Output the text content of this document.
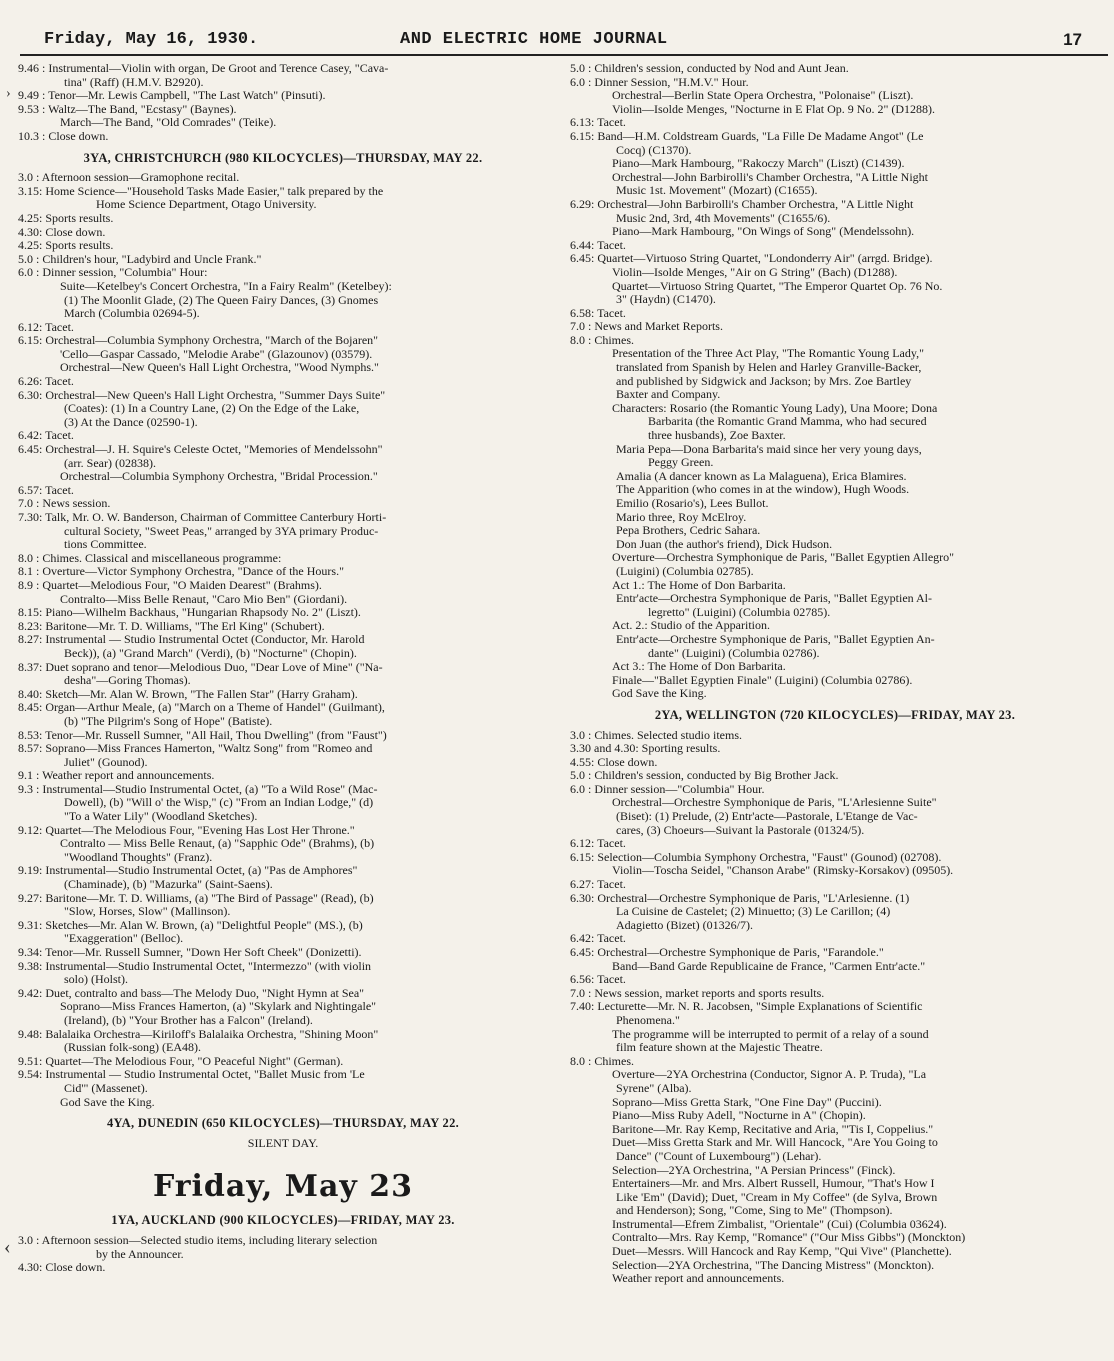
Friday, May 16, 1930.	AND ELECTRIC HOME JOURNAL	17
›
‹
9.46 : Instrumental—Violin with organ, De Groot and Terence Casey, "Cava-
tina" (Raff) (H.M.V. B2920).
9.49 : Tenor—Mr. Lewis Campbell, "The Last Watch" (Pinsuti).
9.53 : Waltz—The Band, "Ecstasy" (Baynes).
March—The Band, "Old Comrades" (Teike).
10.3 : Close down.
3YA, CHRISTCHURCH (980 KILOCYCLES)—THURSDAY, MAY 22.
3.0 : Afternoon session—Gramophone recital.
3.15: Home Science—"Household Tasks Made Easier," talk prepared by the
Home Science Department, Otago University.
4.25: Sports results.
4.30: Close down.
4.25: Sports results.
5.0 : Children's hour, "Ladybird and Uncle Frank."
6.0 : Dinner session, "Columbia" Hour:
Suite—Ketelbey's Concert Orchestra, "In a Fairy Realm" (Ketelbey):
(1) The Moonlit Glade, (2) The Queen Fairy Dances, (3) Gnomes
March (Columbia 02694-5).
6.12: Tacet.
6.15: Orchestral—Columbia Symphony Orchestra, "March of the Bojaren"
'Cello—Gaspar Cassado, "Melodie Arabe" (Glazounov) (03579).
Orchestral—New Queen's Hall Light Orchestra, "Wood Nymphs."
6.26: Tacet.
6.30: Orchestral—New Queen's Hall Light Orchestra, "Summer Days Suite"
(Coates): (1) In a Country Lane, (2) On the Edge of the Lake,
(3) At the Dance (02590-1).
6.42: Tacet.
6.45: Orchestral—J. H. Squire's Celeste Octet, "Memories of Mendelssohn"
(arr. Sear) (02838).
Orchestral—Columbia Symphony Orchestra, "Bridal Procession."
6.57: Tacet.
7.0 : News session.
7.30: Talk, Mr. O. W. Banderson, Chairman of Committee Canterbury Horti-
cultural Society, "Sweet Peas," arranged by 3YA primary Produc-
tions Committee.
8.0 : Chimes. Classical and miscellaneous programme:
8.1 : Overture—Victor Symphony Orchestra, "Dance of the Hours."
8.9 : Quartet—Melodious Four, "O Maiden Dearest" (Brahms).
Contralto—Miss Belle Renaut, "Caro Mio Ben" (Giordani).
8.15: Piano—Wilhelm Backhaus, "Hungarian Rhapsody No. 2" (Liszt).
8.23: Baritone—Mr. T. D. Williams, "The Erl King" (Schubert).
8.27: Instrumental — Studio Instrumental Octet (Conductor, Mr. Harold
Beck)), (a) "Grand March" (Verdi), (b) "Nocturne" (Chopin).
8.37: Duet soprano and tenor—Melodious Duo, "Dear Love of Mine" ("Na-
desha"—Goring Thomas).
8.40: Sketch—Mr. Alan W. Brown, "The Fallen Star" (Harry Graham).
8.45: Organ—Arthur Meale, (a) "March on a Theme of Handel" (Guilmant),
(b) "The Pilgrim's Song of Hope" (Batiste).
8.53: Tenor—Mr. Russell Sumner, "All Hail, Thou Dwelling" (from "Faust")
8.57: Soprano—Miss Frances Hamerton, "Waltz Song" from "Romeo and
Juliet" (Gounod).
9.1 : Weather report and announcements.
9.3 : Instrumental—Studio Instrumental Octet, (a) "To a Wild Rose" (Mac-
Dowell), (b) "Will o' the Wisp," (c) "From an Indian Lodge," (d)
"To a Water Lily" (Woodland Sketches).
9.12: Quartet—The Melodious Four, "Evening Has Lost Her Throne."
Contralto — Miss Belle Renaut, (a) "Sapphic Ode" (Brahms), (b)
"Woodland Thoughts" (Franz).
9.19: Instrumental—Studio Instrumental Octet, (a) "Pas de Amphores"
(Chaminade), (b) "Mazurka" (Saint-Saens).
9.27: Baritone—Mr. T. D. Williams, (a) "The Bird of Passage" (Read), (b)
"Slow, Horses, Slow" (Mallinson).
9.31: Sketches—Mr. Alan W. Brown, (a) "Delightful People" (MS.), (b)
"Exaggeration" (Belloc).
9.34: Tenor—Mr. Russell Sumner, "Down Her Soft Cheek" (Donizetti).
9.38: Instrumental—Studio Instrumental Octet, "Intermezzo" (with violin
solo) (Holst).
9.42: Duet, contralto and bass—The Melody Duo, "Night Hymn at Sea"
Soprano—Miss Frances Hamerton, (a) "Skylark and Nightingale"
(Ireland), (b) "Your Brother has a Falcon" (Ireland).
9.48: Balalaika Orchestra—Kiriloff's Balalaika Orchestra, "Shining Moon"
(Russian folk-song) (EA48).
9.51: Quartet—The Melodious Four, "O Peaceful Night" (German).
9.54: Instrumental — Studio Instrumental Octet, "Ballet Music from 'Le
Cid'" (Massenet).
God Save the King.
4YA, DUNEDIN (650 KILOCYCLES)—THURSDAY, MAY 22.
SILENT DAY.
Friday, May 23
1YA, AUCKLAND (900 KILOCYCLES)—FRIDAY, MAY 23.
3.0 : Afternoon session—Selected studio items, including literary selection
by the Announcer.
4.30: Close down.
5.0 : Children's session, conducted by Nod and Aunt Jean.
6.0 : Dinner Session, "H.M.V." Hour.
Orchestral—Berlin State Opera Orchestra, "Polonaise" (Liszt).
Violin—Isolde Menges, "Nocturne in E Flat Op. 9 No. 2" (D1288).
6.13: Tacet.
6.15: Band—H.M. Coldstream Guards, "La Fille De Madame Angot" (Le
Cocq) (C1370).
Piano—Mark Hambourg, "Rakoczy March" (Liszt) (C1439).
Orchestral—John Barbirolli's Chamber Orchestra, "A Little Night
Music 1st. Movement" (Mozart) (C1655).
6.29: Orchestral—John Barbirolli's Chamber Orchestra, "A Little Night
Music 2nd, 3rd, 4th Movements" (C1655/6).
Piano—Mark Hambourg, "On Wings of Song" (Mendelssohn).
6.44: Tacet.
6.45: Quartet—Virtuoso String Quartet, "Londonderry Air" (arrgd. Bridge).
Violin—Isolde Menges, "Air on G String" (Bach) (D1288).
Quartet—Virtuoso String Quartet, "The Emperor Quartet Op. 76 No.
3" (Haydn) (C1470).
6.58: Tacet.
7.0 : News and Market Reports.
8.0 : Chimes.
Presentation of the Three Act Play, "The Romantic Young Lady,"
translated from Spanish by Helen and Harley Granville-Backer,
and published by Sidgwick and Jackson; by Mrs. Zoe Bartley
Baxter and Company.
Characters: Rosario (the Romantic Young Lady), Una Moore; Dona
Barbarita (the Romantic Grand Mamma, who had secured
three husbands), Zoe Baxter.
Maria Pepa—Dona Barbarita's maid since her very young days,
Peggy Green.
Amalia (A dancer known as La Malaguena), Erica Blamires.
The Apparition (who comes in at the window), Hugh Woods.
Emilio (Rosario's), Lees Bullot.
Mario three, Roy McElroy.
Pepa Brothers, Cedric Sahara.
Don Juan (the author's friend), Dick Hudson.
Overture—Orchestra Symphonique de Paris, "Ballet Egyptien Allegro"
(Luigini) (Columbia 02785).
Act 1.: The Home of Don Barbarita.
Entr'acte—Orchestra Symphonique de Paris, "Ballet Egyptien Al-
legretto" (Luigini) (Columbia 02785).
Act. 2.: Studio of the Apparition.
Entr'acte—Orchestre Symphonique de Paris, "Ballet Egyptien An-
dante" (Luigini) (Columbia 02786).
Act 3.: The Home of Don Barbarita.
Finale—"Ballet Egyptien Finale" (Luigini) (Columbia 02786).
God Save the King.
2YA, WELLINGTON (720 KILOCYCLES)—FRIDAY, MAY 23.
3.0 : Chimes. Selected studio items.
3.30 and 4.30: Sporting results.
4.55: Close down.
5.0 : Children's session, conducted by Big Brother Jack.
6.0 : Dinner session—"Columbia" Hour.
Orchestral—Orchestre Symphonique de Paris, "L'Arlesienne Suite"
(Biset): (1) Prelude, (2) Entr'acte—Pastorale, L'Etange de Vac-
cares, (3) Choeurs—Suivant la Pastorale (01324/5).
6.12: Tacet.
6.15: Selection—Columbia Symphony Orchestra, "Faust" (Gounod) (02708).
Violin—Toscha Seidel, "Chanson Arabe" (Rimsky-Korsakov) (09505).
6.27: Tacet.
6.30: Orchestral—Orchestre Symphonique de Paris, "L'Arlesienne. (1)
La Cuisine de Castelet; (2) Minuetto; (3) Le Carillon; (4)
Adagietto (Bizet) (01326/7).
6.42: Tacet.
6.45: Orchestral—Orchestre Symphonique de Paris, "Farandole."
Band—Band Garde Republicaine de France, "Carmen Entr'acte."
6.56: Tacet.
7.0 : News session, market reports and sports results.
7.40: Lecturette—Mr. N. R. Jacobsen, "Simple Explanations of Scientific
Phenomena."
The programme will be interrupted to permit of a relay of a sound
film feature shown at the Majestic Theatre.
8.0 : Chimes.
Overture—2YA Orchestrina (Conductor, Signor A. P. Truda), "La
Syrene" (Alba).
Soprano—Miss Gretta Stark, "One Fine Day" (Puccini).
Piano—Miss Ruby Adell, "Nocturne in A" (Chopin).
Baritone—Mr. Ray Kemp, Recitative and Aria, "'Tis I, Coppelius."
Duet—Miss Gretta Stark and Mr. Will Hancock, "Are You Going to
Dance" ("Count of Luxembourg") (Lehar).
Selection—2YA Orchestrina, "A Persian Princess" (Finck).
Entertainers—Mr. and Mrs. Albert Russell, Humour, "That's How I
Like 'Em" (David); Duet, "Cream in My Coffee" (de Sylva, Brown
and Henderson); Song, "Come, Sing to Me" (Thompson).
Instrumental—Efrem Zimbalist, "Orientale" (Cui) (Columbia 03624).
Contralto—Mrs. Ray Kemp, "Romance" ("Our Miss Gibbs") (Monckton)
Duet—Messrs. Will Hancock and Ray Kemp, "Qui Vive" (Planchette).
Selection—2YA Orchestrina, "The Dancing Mistress" (Monckton).
Weather report and announcements.
